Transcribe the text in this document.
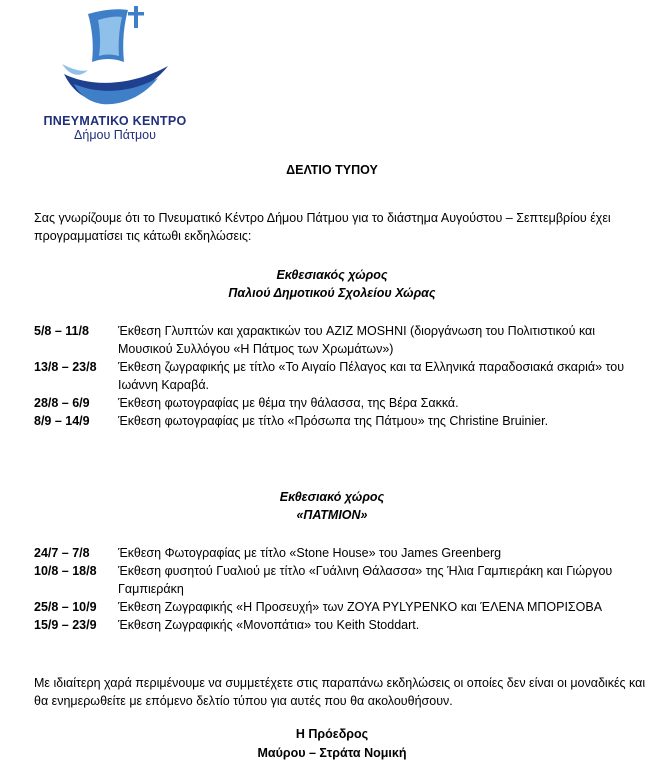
ΠΝΕΥΜΑΤΙΚΟ ΚΕΝΤΡΟ
Δήμου Πάτμου
ΔΕΛΤΙΟ ΤΥΠΟΥ
Σας γνωρίζουμε ότι το Πνευματικό Κέντρο Δήμου Πάτμου για το διάστημα Αυγούστου – Σεπτεμβρίου έχει προγραμματίσει τις κάτωθι εκδηλώσεις:
Εκθεσιακός χώρος
Παλιού Δημοτικού Σχολείου Χώρας
5/8 – 11/8	Έκθεση Γλυπτών και χαρακτικών του AZIZ MOSHNI (διοργάνωση του Πολιτιστικού και Μουσικού Συλλόγου «Η Πάτμος των Χρωμάτων»)
13/8 – 23/8	Έκθεση ζωγραφικής με τίτλο «Το Αιγαίο Πέλαγος και τα Ελληνικά παραδοσιακά σκαριά» του Ιωάννη Καραβά.
28/8 – 6/9	Έκθεση φωτογραφίας με θέμα την θάλασσα, της Βέρα Σακκά.
8/9 – 14/9	Έκθεση φωτογραφίας με τίτλο «Πρόσωπα της Πάτμου» της Christine Bruinier.
Εκθεσιακό χώρος
«ΠΑΤΜΙΟΝ»
24/7 – 7/8	Έκθεση Φωτογραφίας με τίτλο «Stone House» του James Greenberg
10/8 – 18/8	Έκθεση φυσητού Γυαλιού με τίτλο «Γυάλινη Θάλασσα» της Ήλια Γαμπιεράκη και Γιώργου Γαμπιεράκη
25/8 – 10/9	Έκθεση Ζωγραφικής «Η Προσευχή» των ΖΟΥΑ PYLYPENKO και ΈΛΕΝΑ ΜΠΟΡΙΣΟΒΑ
15/9 – 23/9	Έκθεση Ζωγραφικής «Μονοπάτια» του Keith Stoddart.
Με ιδιαίτερη χαρά περιμένουμε να συμμετέχετε στις παραπάνω εκδηλώσεις οι οποίες δεν είναι οι μοναδικές και θα ενημερωθείτε με επόμενο δελτίο τύπου για αυτές που θα ακολουθήσουν.
Η Πρόεδρος
Μαύρου – Στράτα Νομική
